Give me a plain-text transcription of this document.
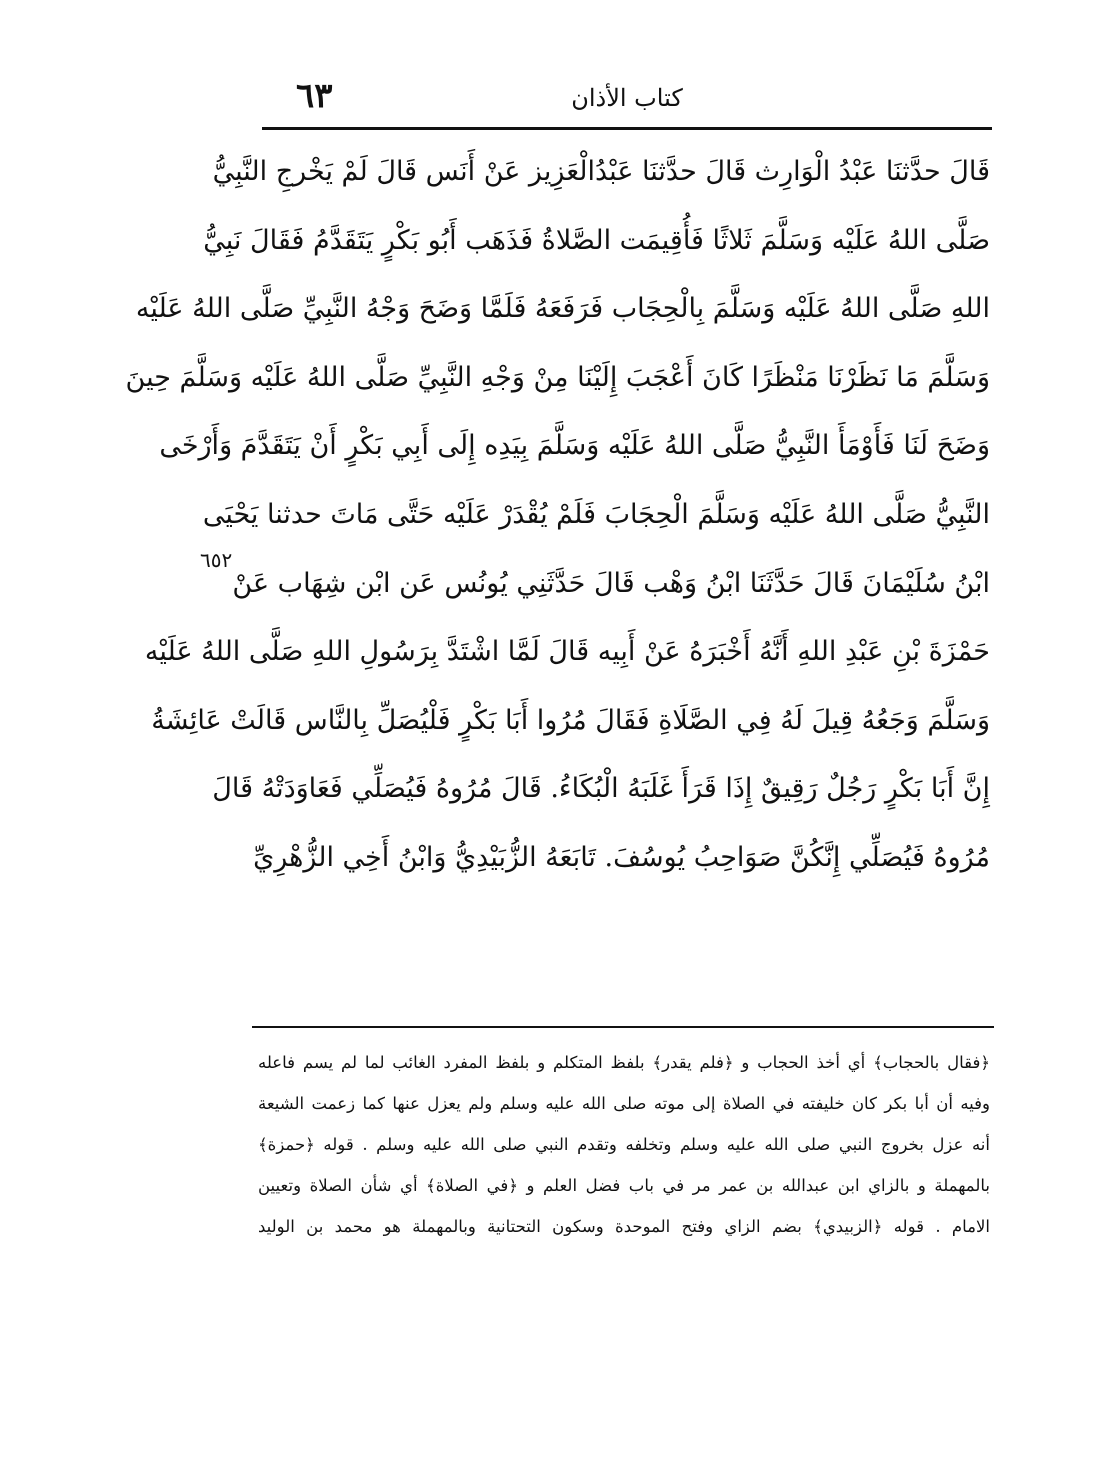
٦٣	كتاب الأذان
قَالَ حدَّثنَا عَبْدُ الْوَارِث قَالَ حدَّثنَا عَبْدُالْعَزِيز عَنْ أَنَس قَالَ لَمْ يَخْرجِ النَّبِيُّ
صَلَّى اللهُ عَلَيْه وَسَلَّمَ ثَلاثًا فَأُقِيمَت الصَّلاةُ فَذَهَب أَبُو بَكْرٍ يَتَقَدَّمُ فَقَالَ نَبِيُّ
اللهِ صَلَّى اللهُ عَلَيْه وَسَلَّمَ بِالْحِجَاب فَرَفَعَهُ فَلَمَّا وَضَحَ وَجْهُ النَّبِيِّ صَلَّى اللهُ عَلَيْه
وَسَلَّمَ مَا نَظَرْنَا مَنْظَرًا كَانَ أَعْجَبَ إِلَيْنَا مِنْ وَجْهِ النَّبِيِّ صَلَّى اللهُ عَلَيْه وَسَلَّمَ حِينَ
وَضَحَ لَنَا فَأَوْمَأَ النَّبِيُّ صَلَّى اللهُ عَلَيْه وَسَلَّمَ بِيَدِه إِلَى أَبِي بَكْرٍ أَنْ يَتَقَدَّمَ وَأَرْخَى
النَّبِيُّ صَلَّى اللهُ عَلَيْه وَسَلَّمَ الْحِجَابَ فَلَمْ يُقْدَرْ عَلَيْه حَتَّى مَاتَ حدثنا يَحْيَى
ابْنُ سُلَيْمَانَ قَالَ حَدَّثَنَا ابْنُ وَهْب قَالَ حَدَّثَنِي يُونُس عَن ابْن شِهَاب عَنْ
حَمْزَةَ بْنِ عَبْدِ اللهِ أَنَّهُ أَخْبَرَهُ عَنْ أَبِيه قَالَ لَمَّا اشْتَدَّ بِرَسُولِ اللهِ صَلَّى اللهُ عَلَيْه
وَسَلَّمَ وَجَعُهُ قِيلَ لَهُ فِي الصَّلَاةِ فَقَالَ مُرُوا أَبَا بَكْرٍ فَلْيُصَلِّ بِالنَّاس قَالَتْ عَائِشَةُ
إِنَّ أَبَا بَكْرٍ رَجُلٌ رَقِيقٌ إِذَا قَرَأَ غَلَبَهُ الْبُكَاءُ. قَالَ مُرُوهُ فَيُصَلِّي فَعَاوَدَتْهُ قَالَ
مُرُوهُ فَيُصَلِّي إِنَّكُنَّ صَوَاحِبُ يُوسُفَ. تَابَعَهُ الزُّبَيْدِيُّ وَابْنُ أَخِي الزُّهْرِيِّ
٦٥٢
﴿فقال بالحجاب﴾ أي أخذ الحجاب و ﴿فلم يقدر﴾ بلفظ المتكلم و بلفظ المفرد الغائب لما لم يسم فاعله
وفيه أن أبا بكر كان خليفته في الصلاة إلى موته صلى الله عليه وسلم ولم يعزل عنها كما زعمت الشيعة
أنه عزل بخروج النبي صلى الله عليه وسلم وتخلفه وتقدم النبي صلى الله عليه وسلم . قوله ﴿حمزة﴾
بالمهملة و بالزاي ابن عبدالله بن عمر مر في باب فضل العلم و ﴿في الصلاة﴾ أي شأن الصلاة وتعيين
الامام . قوله ﴿الزبيدي﴾ بضم الزاي وفتح الموحدة وسكون التحتانية وبالمهملة هو محمد بن الوليد
